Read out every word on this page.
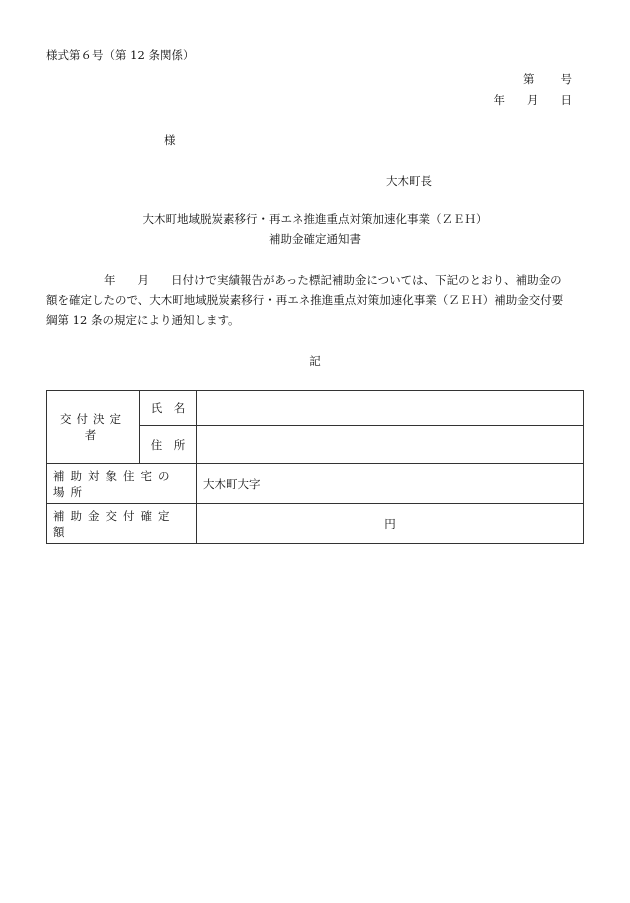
様式第６号（第 12 条関係）
第 号
年 月 日
様
大木町長
大木町地域脱炭素移行・再エネ推進重点対策加速化事業（ＺＥＨ）
補助金確定通知書

年 月 日付けで実績報告があった標記補助金については、下記のとおり、補助金の

額を確定したので、大木町地域脱炭素移行・再エネ推進重点対策加速化事業（ＺＥＨ）補助金交付要

綱第 12 条の規定により通知します。

記
交付決定者	氏　名	
	住　所	
補助対象住宅の場所		大木町大字
補助金交付確定額		円
